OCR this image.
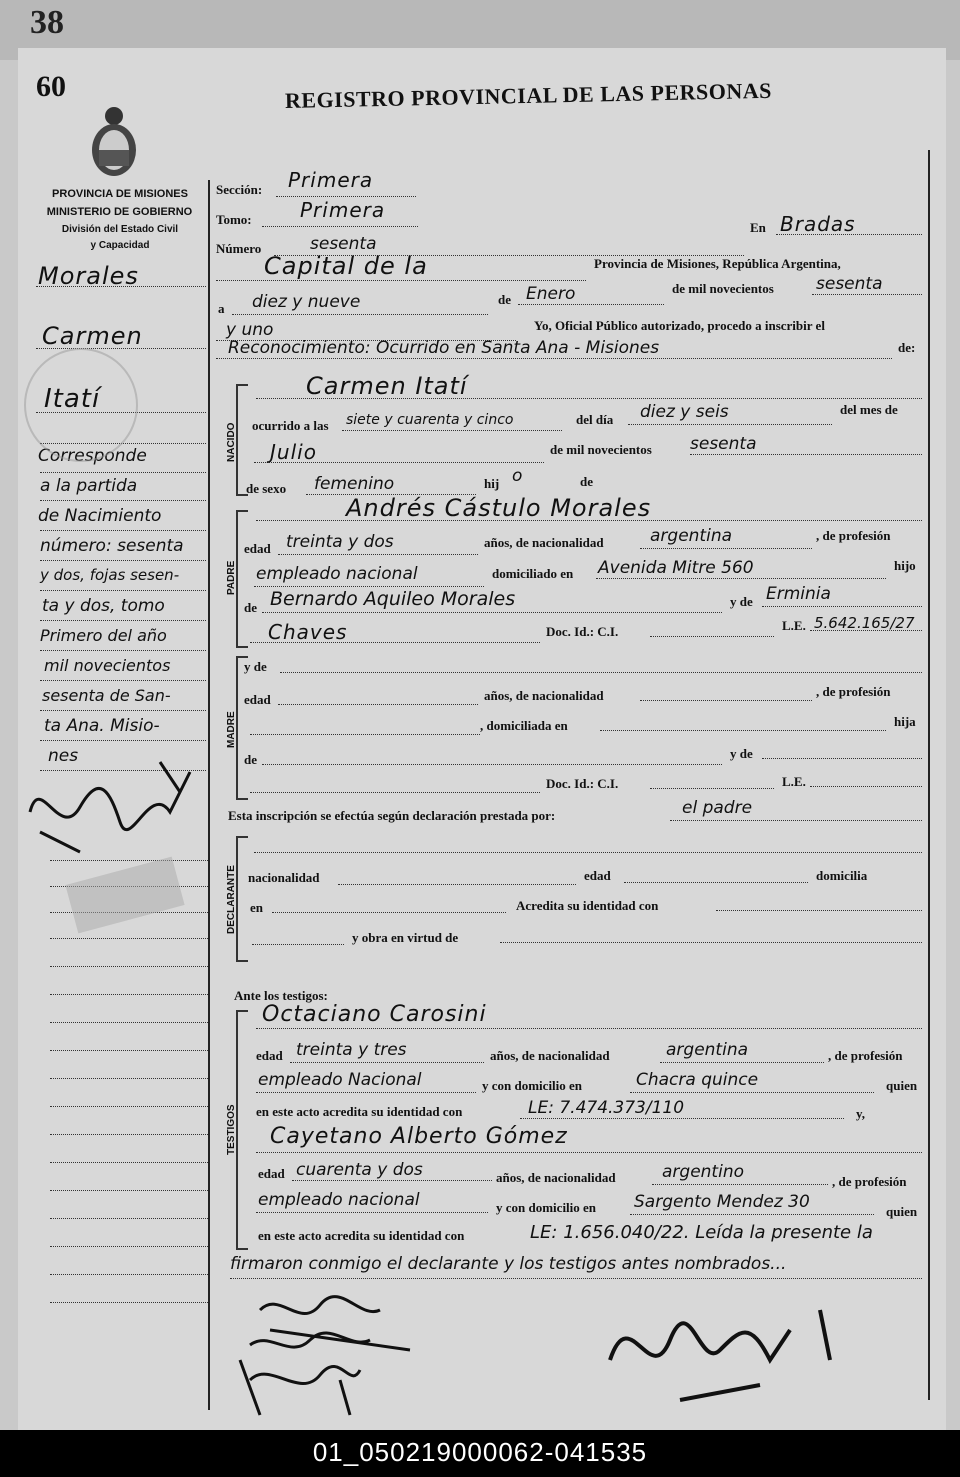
38
60	REGISTRO PROVINCIAL DE LAS PERSONAS
PROVINCIA DE MISIONES
MINISTERIO DE GOBIERNO
División del Estado Civil
y Capacidad
Morales
Carmen
Itatí
Corresponde
a la partida
de Nacimiento
número: sesenta
y dos, fojas sesen-
ta y dos, tomo
Primero del año
mil novecientos
sesenta de San-
ta Ana. Misio-
nes
Sección: Primera
Tomo: Primera
Número	sesenta
En Bradas
Capital de la	Provincia de Misiones, República Argentina,
a diez y nueve	de Enero	de mil novecientos sesenta
y uno	Yo, Oficial Público autorizado, procedo a inscribir el
Reconocimiento: Ocurrido en Santa Ana - Misiones	de:
NACIDO
Carmen Itatí
ocurrido a las siete y cuarenta y cinco	del día diez y seis	del mes de
Julio	de mil novecientos sesenta
de sexo femenino	hij o	de
PADRE
Andrés Cástulo Morales
edad treinta y dos	años, de nacionalidad	argentina	, de profesión
empleado nacional	domiciliado en Avenida Mitre 560	hijo
de Bernardo Aquileo Morales	y de Erminia
Chaves	Doc. Id.: C.I.	L.E. 5.642.165/27
MADRE
y de
edad	años, de nacionalidad	, de profesión
, domiciliada en	hija
de	y de
Doc. Id.: C.I.	L.E.
Esta inscripción se efectúa según declaración prestada por:	el padre
DECLARANTE nacionalidad	edad	domicilia
en	Acredita su identidad con
y obra en virtud de
Ante los testigos:
TESTIGOS
Octaciano Carosini
edad treinta y tres	años, de nacionalidad	argentina	, de profesión
empleado Nacional	y con domicilio en	Chacra quince	quien
en este acto acredita su identidad con	LE: 7.474.373/110	y,
Cayetano Alberto Gómez
edad cuarenta y dos	años, de nacionalidad	argentino	, de profesión
empleado nacional	y con domicilio en Sargento Mendez 30	quien
en este acto acredita su identidad con	LE: 1.656.040/22. Leída la presente la
firmaron conmigo el declarante y los testigos antes nombrados...
01_050219000062-041535
